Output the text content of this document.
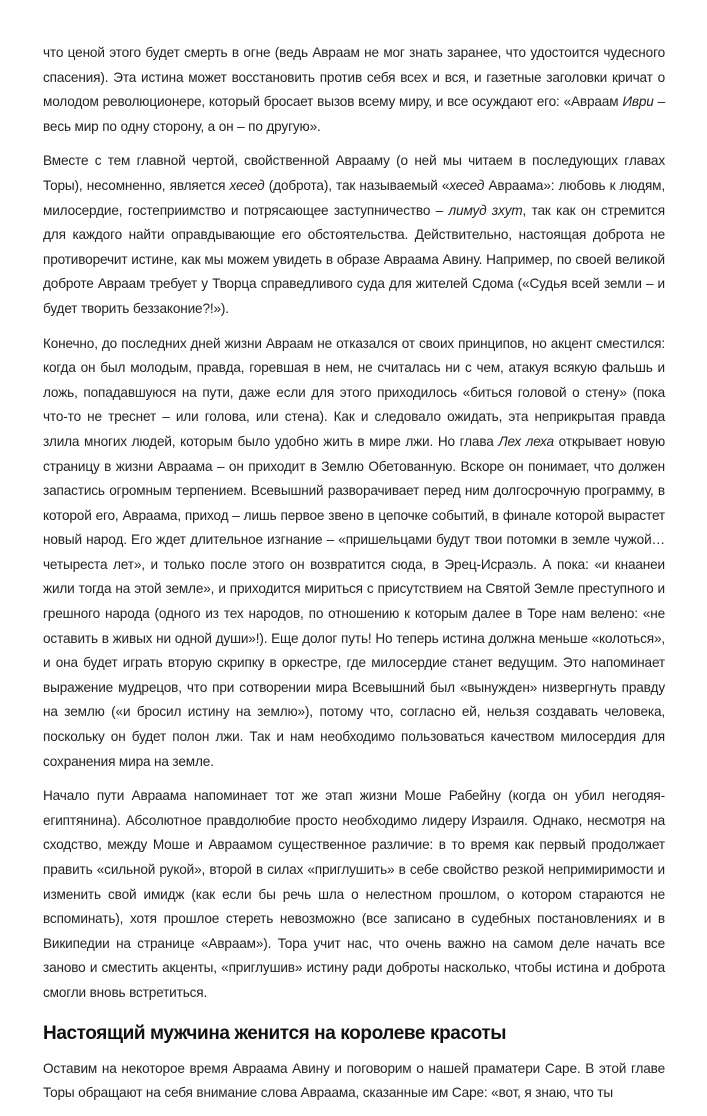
что ценой этого будет смерть в огне (ведь Авраам не мог знать заранее, что удостоится чудесного спасения). Эта истина может восстановить против себя всех и вся, и газетные заголовки кричат о молодом революционере, который бросает вызов всему миру, и все осуждают его: «Авраам Иври – весь мир по одну сторону, а он – по другую».

Вместе с тем главной чертой, свойственной Аврааму (о ней мы читаем в последующих главах Торы), несомненно, является хесед (доброта), так называемый «хесед Авраама»: любовь к людям, милосердие, гостеприимство и потрясающее заступничество – лимуд зхут, так как он стремится для каждого найти оправдывающие его обстоятельства. Действительно, настоящая доброта не противоречит истине, как мы можем увидеть в образе Авраама Авину. Например, по своей великой доброте Авраам требует у Творца справедливого суда для жителей Сдома («Судья всей земли – и будет творить беззаконие?!»).

Конечно, до последних дней жизни Авраам не отказался от своих принципов, но акцент сместился: когда он был молодым, правда, горевшая в нем, не считалась ни с чем, атакуя всякую фальшь и ложь, попадавшуюся на пути, даже если для этого приходилось «биться головой о стену» (пока что-то не треснет – или голова, или стена). Как и следовало ожидать, эта неприкрытая правда злила многих людей, которым было удобно жить в мире лжи. Но глава Лех леха открывает новую страницу в жизни Авраама – он приходит в Землю Обетованную. Вскоре он понимает, что должен запастись огромным терпением. Всевышний разворачивает перед ним долгосрочную программу, в которой его, Авраама, приход – лишь первое звено в цепочке событий, в финале которой вырастет новый народ. Его ждет длительное изгнание – «пришельцами будут твои потомки в земле чужой… четыреста лет», и только после этого он возвратится сюда, в Эрец-Исраэль. А пока: «и кнаанеи жили тогда на этой земле», и приходится мириться с присутствием на Святой Земле преступного и грешного народа (одного из тех народов, по отношению к которым далее в Торе нам велено: «не оставить в живых ни одной души»!). Еще долог путь! Но теперь истина должна меньше «колоться», и она будет играть вторую скрипку в оркестре, где милосердие станет ведущим. Это напоминает выражение мудрецов, что при сотворении мира Всевышний был «вынужден» низвергнуть правду на землю («и бросил истину на землю»), потому что, согласно ей, нельзя создавать человека, поскольку он будет полон лжи. Так и нам необходимо пользоваться качеством милосердия для сохранения мира на земле.

Начало пути Авраама напоминает тот же этап жизни Моше Рабейну (когда он убил негодяя-египтянина). Абсолютное правдолюбие просто необходимо лидеру Израиля. Однако, несмотря на сходство, между Моше и Авраамом существенное различие: в то время как первый продолжает править «сильной рукой», второй в силах «приглушить» в себе свойство резкой непримиримости и изменить свой имидж (как если бы речь шла о нелестном прошлом, о котором стараются не вспоминать), хотя прошлое стереть невозможно (все записано в судебных постановлениях и в Википедии на странице «Авраам»). Тора учит нас, что очень важно на самом деле начать все заново и сместить акценты, «приглушив» истину ради доброты насколько, чтобы истина и доброта смогли вновь встретиться.

Настоящий мужчина женится на королеве красоты

Оставим на некоторое время Авраама Авину и поговорим о нашей праматери Саре. В этой главе Торы обращают на себя внимание слова Авраама, сказанные им Саре: «вот, я знаю, что ты
